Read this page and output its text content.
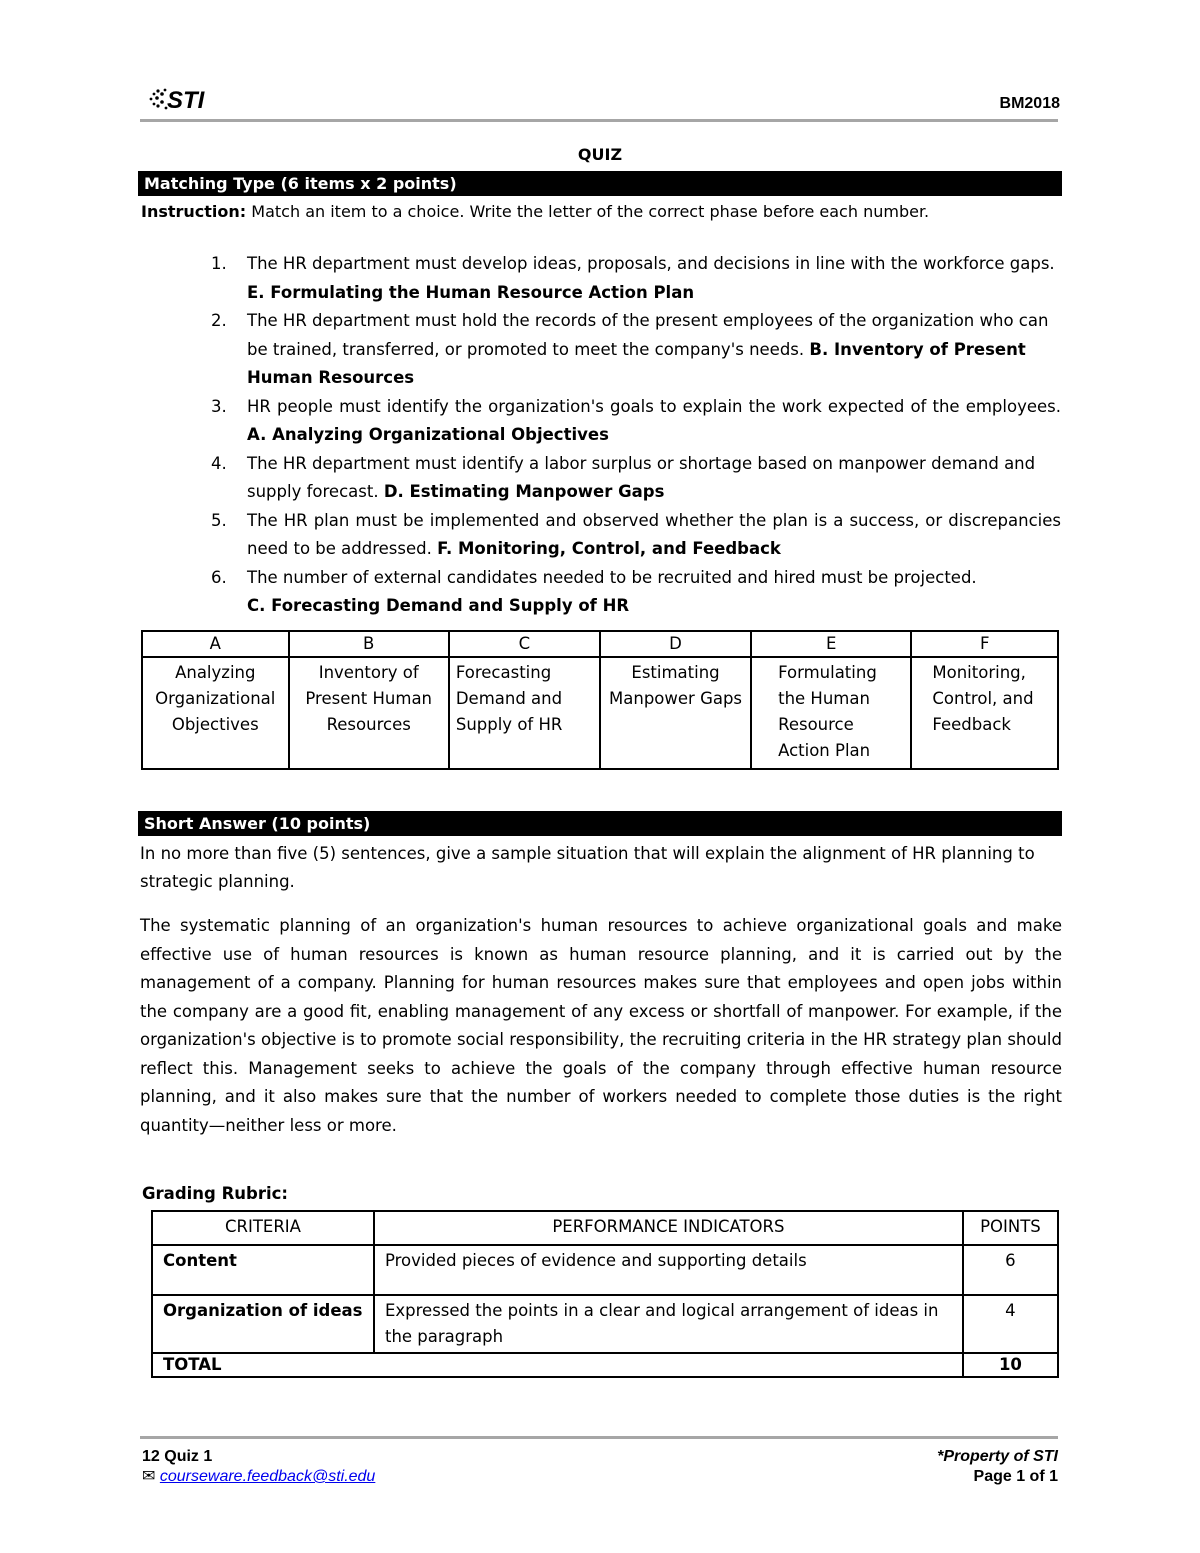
STI	BM2018
QUIZ
Matching Type (6 items x 2 points)
Instruction: Match an item to a choice. Write the letter of the correct phase before each number.
1. The HR department must develop ideas, proposals, and decisions in line with the workforce gaps. E. Formulating the Human Resource Action Plan
2. The HR department must hold the records of the present employees of the organization who can be trained, transferred, or promoted to meet the company's needs. B. Inventory of Present Human Resources
3. HR people must identify the organization's goals to explain the work expected of the employees. A. Analyzing Organizational Objectives
4. The HR department must identify a labor surplus or shortage based on manpower demand and supply forecast. D. Estimating Manpower Gaps
5. The HR plan must be implemented and observed whether the plan is a success, or discrepancies need to be addressed. F. Monitoring, Control, and Feedback
6. The number of external candidates needed to be recruited and hired must be projected.
C. Forecasting Demand and Supply of HR
A	B	C	D	E	F
Analyzing Organizational Objectives	Inventory of Present Human Resources	Forecasting Demand and Supply of HR	Estimating Manpower Gaps	Formulating the Human Resource Action Plan	Monitoring, Control, and Feedback
Short Answer (10 points)
In no more than five (5) sentences, give a sample situation that will explain the alignment of HR planning to strategic planning.

The systematic planning of an organization's human resources to achieve organizational goals and make effective use of human resources is known as human resource planning, and it is carried out by the management of a company. Planning for human resources makes sure that employees and open jobs within the company are a good fit, enabling management of any excess or shortfall of manpower. For example, if the organization's objective is to promote social responsibility, the recruiting criteria in the HR strategy plan should reflect this. Management seeks to achieve the goals of the company through effective human resource planning, and it also makes sure that the number of workers needed to complete those duties is the right quantity—neither less or more.

Grading Rubric:
CRITERIA	PERFORMANCE INDICATORS	POINTS
Content	Provided pieces of evidence and supporting details	6
Organization of ideas	Expressed the points in a clear and logical arrangement of ideas in the paragraph	4
TOTAL		10
12 Quiz 1
✉ courseware.feedback@sti.edu
*Property of STI
Page 1 of 1
